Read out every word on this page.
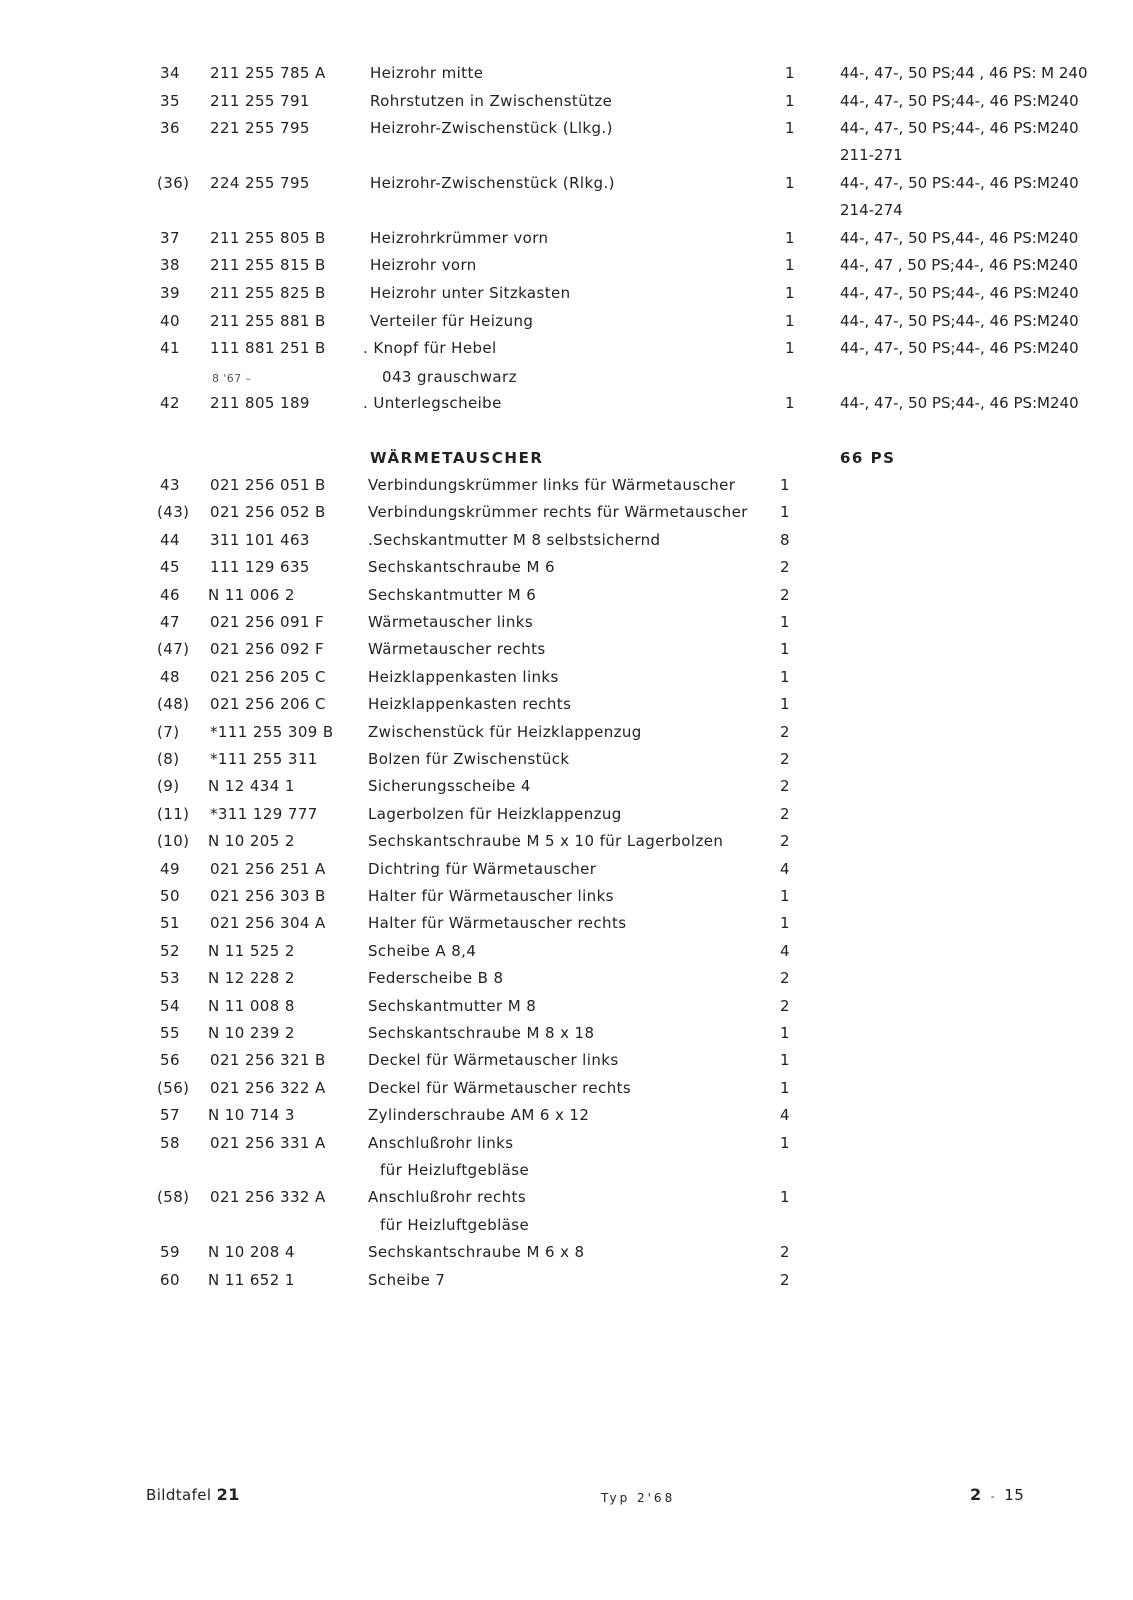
34 211 255 785 A	Heizrohr mitte	1	44-, 47-, 50 PS;44 , 46 PS: M 240
35 211 255 791	Rohrstutzen in Zwischenstütze	1	44-, 47-, 50 PS;44-, 46 PS:M240
36 221 255 795	Heizrohr-Zwischenstück (Llkg.)	1	44-, 47-, 50 PS;44-, 46 PS:M240
211-271
(36) 224 255 795	Heizrohr-Zwischenstück (Rlkg.)	1	44-, 47-, 50 PS:44-, 46 PS:M240
214-274
37 211 255 805 B	Heizrohrkrümmer vorn	1	44-, 47-, 50 PS,44-, 46 PS:M240
38 211 255 815 B	Heizrohr vorn	1	44-, 47 , 50 PS;44-, 46 PS:M240
39 211 255 825 B	Heizrohr unter Sitzkasten	1	44-, 47-, 50 PS;44-, 46 PS:M240
40 211 255 881 B	Verteiler für Heizung	1	44-, 47-, 50 PS;44-, 46 PS:M240
41 111 881 251 B . Knopf für Hebel	1	44-, 47-, 50 PS;44-, 46 PS:M240
8 '67 –	043 grauschwarz
42 211 805 189	. Unterlegscheibe	1	44-, 47-, 50 PS;44-, 46 PS:M240
WÄRMETAUSCHER	66 PS
43 021 256 051 B	Verbindungskrümmer links für Wärmetauscher	1
(43) 021 256 052 B	Verbindungskrümmer rechts für Wärmetauscher 1
44 311 101 463	.Sechskantmutter M 8 selbstsichernd	8
45 111 129 635	Sechskantschraube M 6	2
46 N 11 006 2	Sechskantmutter M 6	2
47 021 256 091 F	Wärmetauscher links	1
(47) 021 256 092 F	Wärmetauscher rechts	1
48 021 256 205 C	Heizklappenkasten links	1
(48) 021 256 206 C	Heizklappenkasten rechts	1
(7) *111 255 309 B Zwischenstück für Heizklappenzug	2
(8) *111 255 311	Bolzen für Zwischenstück	2
(9) N 12 434 1	Sicherungsscheibe 4	2
(11) *311 129 777	Lagerbolzen für Heizklappenzug	2
(10) N 10 205 2	Sechskantschraube M 5 x 10 für Lagerbolzen	2
49 021 256 251 A	Dichtring für Wärmetauscher	4
50 021 256 303 B	Halter für Wärmetauscher links	1
51 021 256 304 A	Halter für Wärmetauscher rechts	1
52 N 11 525 2	Scheibe A 8,4	4
53 N 12 228 2	Federscheibe B 8	2
54 N 11 008 8	Sechskantmutter M 8	2
55 N 10 239 2	Sechskantschraube M 8 x 18	1
56 021 256 321 B	Deckel für Wärmetauscher links	1
(56) 021 256 322 A	Deckel für Wärmetauscher rechts	1
57 N 10 714 3	Zylinderschraube AM 6 x 12	4
58 021 256 331 A	Anschlußrohr links	1
für Heizluftgebläse
(58) 021 256 332 A	Anschlußrohr rechts	1
für Heizluftgebläse
59 N 10 208 4	Sechskantschraube M 6 x 8	2
60 N 11 652 1	Scheibe 7	2
Bildtafel 21	Typ 2'68	2 - 15
